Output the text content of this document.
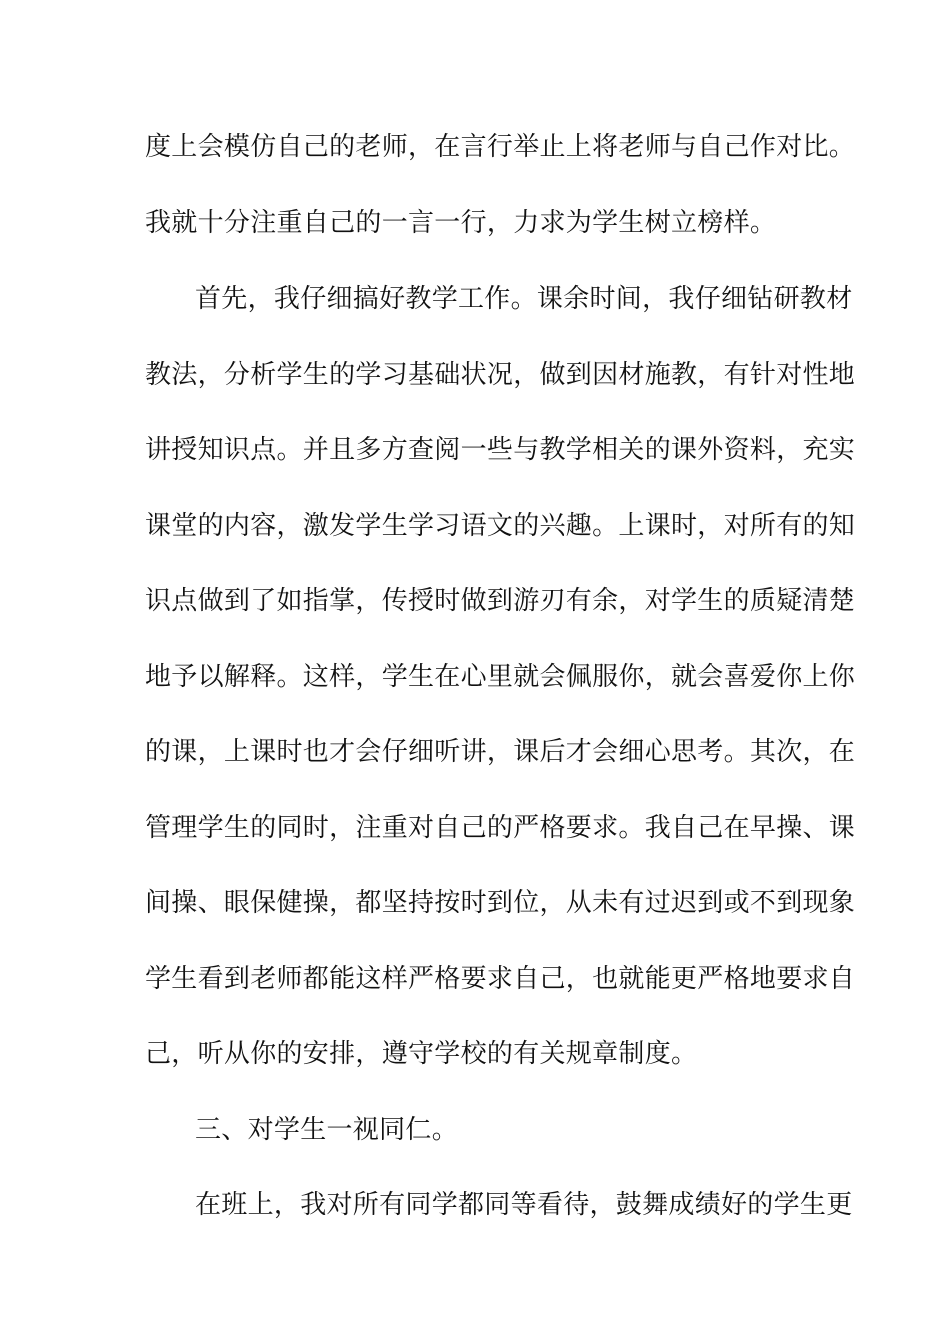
度上会模仿自己的老师，在言行举止上将老师与自己作对比。
我就十分注重自己的一言一行，力求为学生树立榜样。
首先，我仔细搞好教学工作。课余时间，我仔细钻研教材
教法，分析学生的学习基础状况，做到因材施教，有针对性地
讲授知识点。并且多方查阅一些与教学相关的课外资料，充实
课堂的内容，激发学生学习语文的兴趣。上课时，对所有的知
识点做到了如指掌，传授时做到游刃有余，对学生的质疑清楚
地予以解释。这样，学生在心里就会佩服你，就会喜爱你上你
的课，上课时也才会仔细听讲，课后才会细心思考。其次，在
管理学生的同时，注重对自己的严格要求。我自己在早操、课
间操、眼保健操，都坚持按时到位，从未有过迟到或不到现象
学生看到老师都能这样严格要求自己，也就能更严格地要求自
己，听从你的安排，遵守学校的有关规章制度。
三、对学生一视同仁。
在班上，我对所有同学都同等看待，鼓舞成绩好的学生更
